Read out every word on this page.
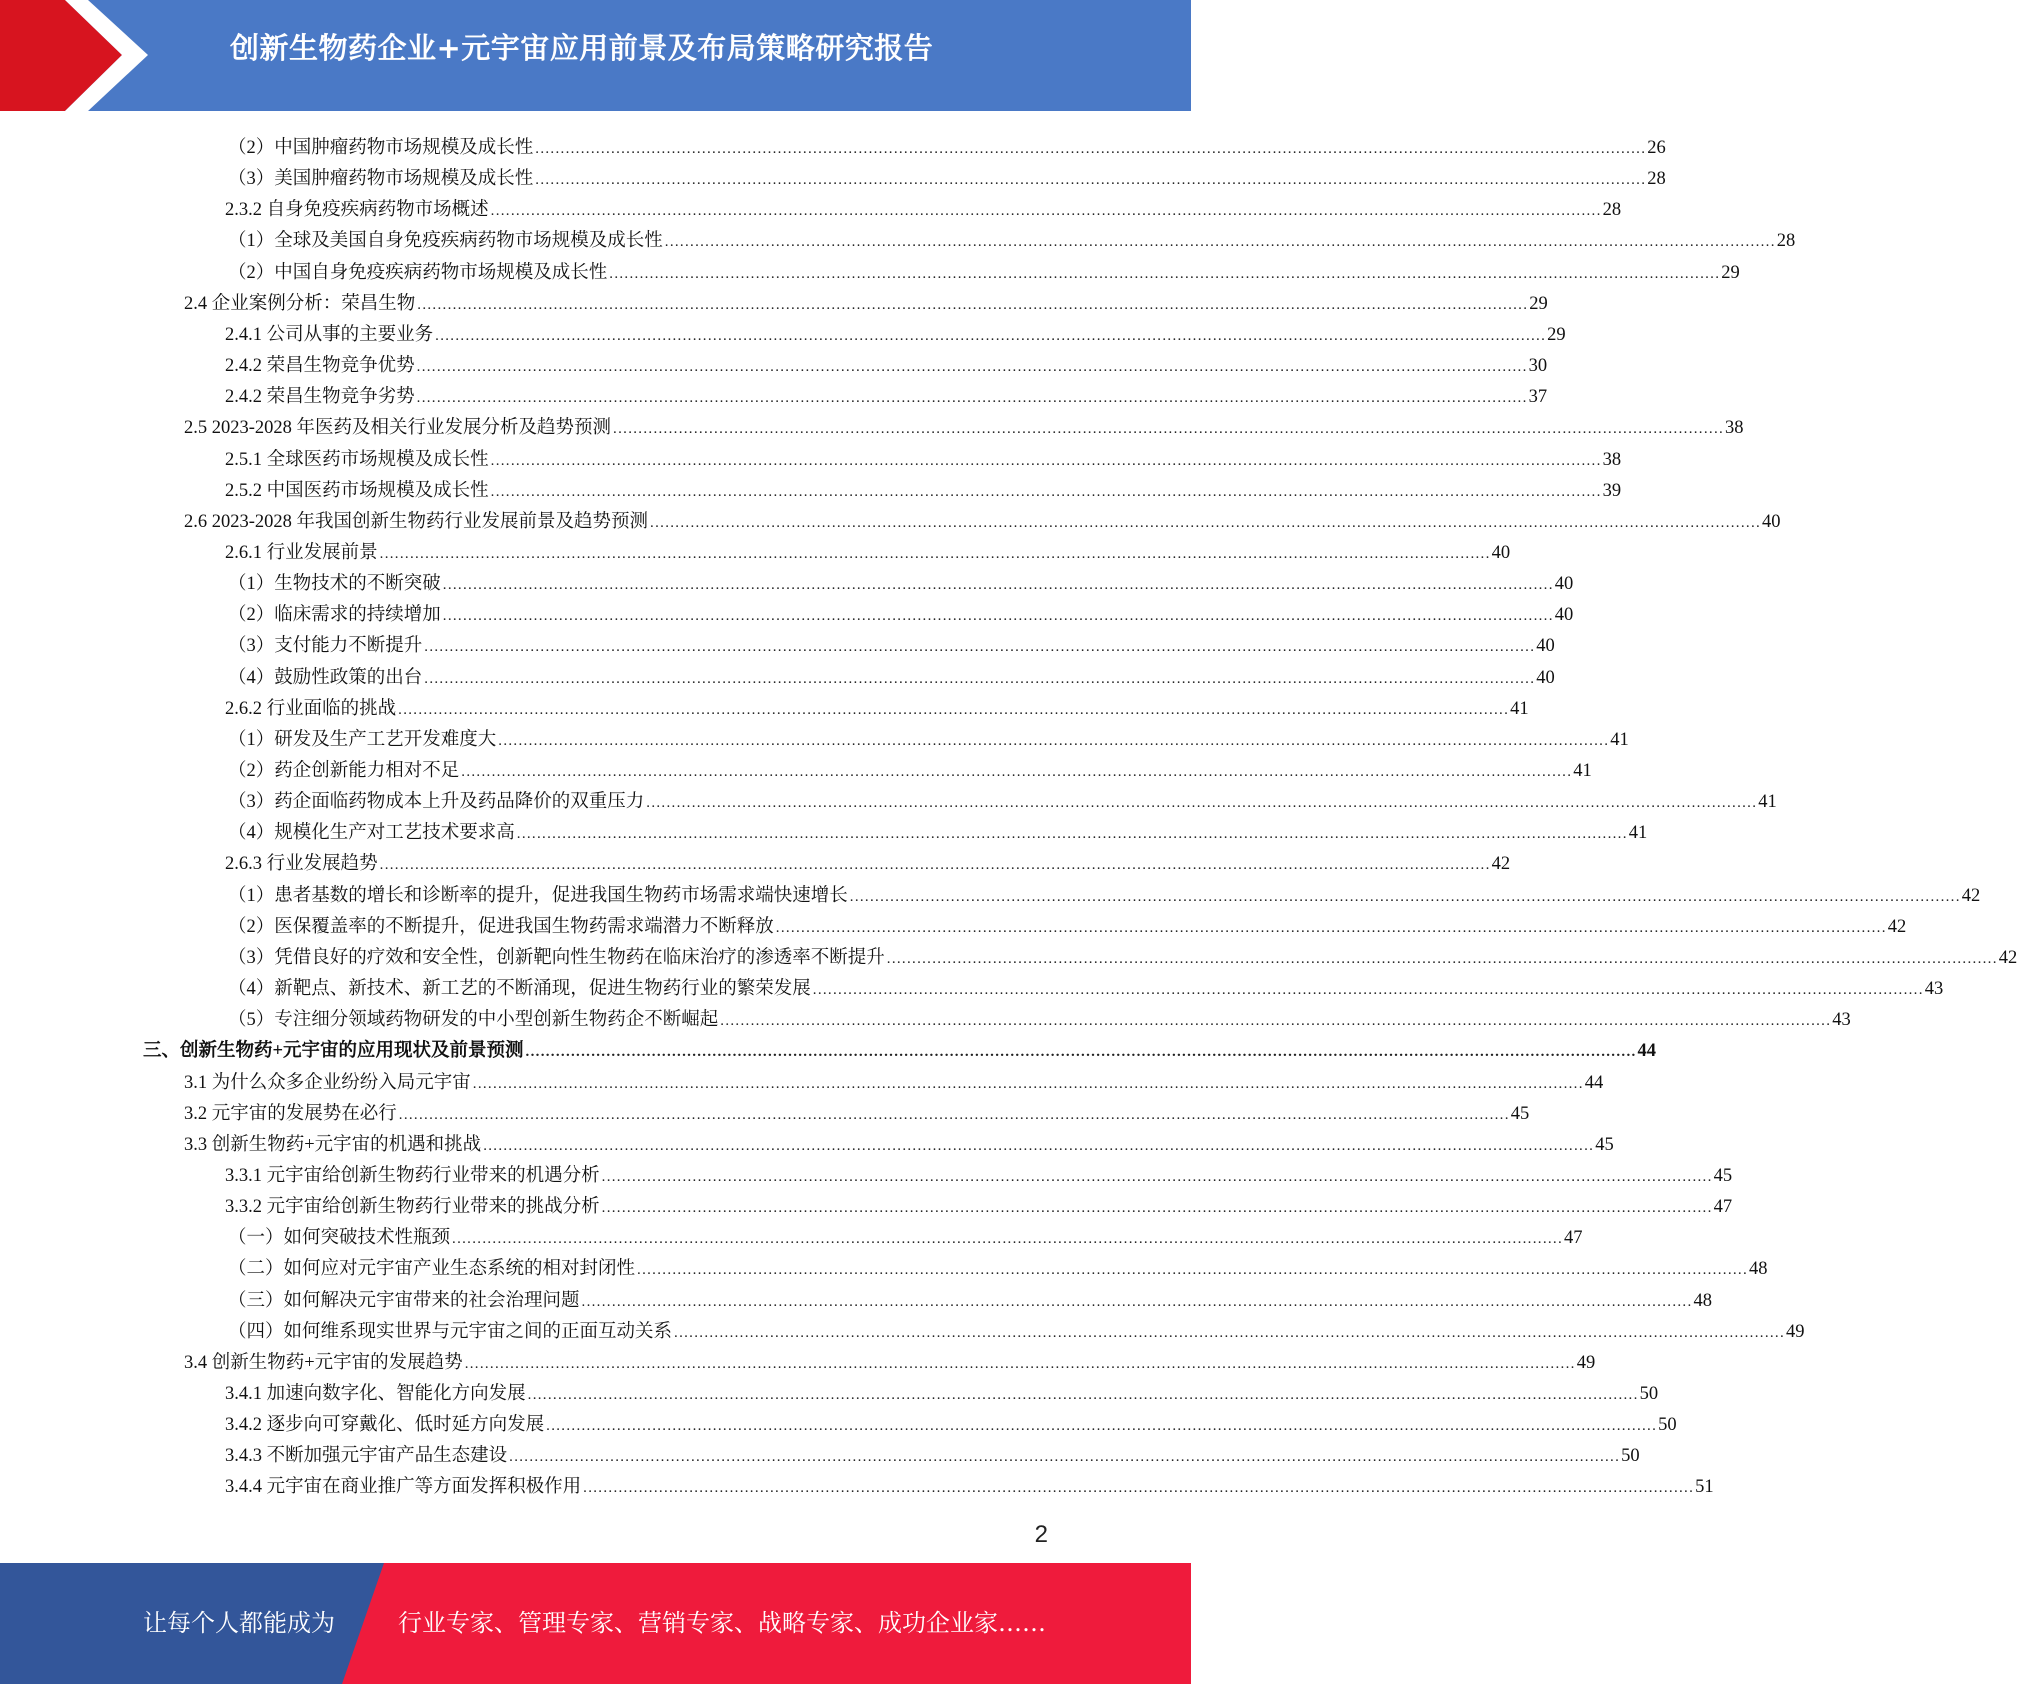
创新生物药企业+元宇宙应用前景及布局策略研究报告
（2）中国肿瘤药物市场规模及成长性 ............................................................................................................................................................................................................................ 26
（3）美国肿瘤药物市场规模及成长性 ............................................................................................................................................................................................................................ 28
2.3.2 自身免疫疾病药物市场概述 ............................................................................................................................................................................................................................ 28
（1）全球及美国自身免疫疾病药物市场规模及成长性 ............................................................................................................................................................................................................................ 28
（2）中国自身免疫疾病药物市场规模及成长性 ............................................................................................................................................................................................................................ 29
2.4 企业案例分析：荣昌生物 ............................................................................................................................................................................................................................ 29
2.4.1 公司从事的主要业务 ............................................................................................................................................................................................................................ 29
2.4.2 荣昌生物竞争优势 ............................................................................................................................................................................................................................ 30
2.4.2 荣昌生物竞争劣势 ............................................................................................................................................................................................................................ 37
2.5 2023-2028 年医药及相关行业发展分析及趋势预测 ............................................................................................................................................................................................................................ 38
2.5.1 全球医药市场规模及成长性 ............................................................................................................................................................................................................................ 38
2.5.2 中国医药市场规模及成长性 ............................................................................................................................................................................................................................ 39
2.6 2023-2028 年我国创新生物药行业发展前景及趋势预测 ............................................................................................................................................................................................................................ 40
2.6.1 行业发展前景 ............................................................................................................................................................................................................................ 40
（1）生物技术的不断突破 ............................................................................................................................................................................................................................ 40
（2）临床需求的持续增加 ............................................................................................................................................................................................................................ 40
（3）支付能力不断提升 ............................................................................................................................................................................................................................ 40
（4）鼓励性政策的出台 ............................................................................................................................................................................................................................ 40
2.6.2 行业面临的挑战 ............................................................................................................................................................................................................................ 41
（1）研发及生产工艺开发难度大 ............................................................................................................................................................................................................................ 41
（2）药企创新能力相对不足 ............................................................................................................................................................................................................................ 41
（3）药企面临药物成本上升及药品降价的双重压力 ............................................................................................................................................................................................................................ 41
（4）规模化生产对工艺技术要求高 ............................................................................................................................................................................................................................ 41
2.6.3 行业发展趋势 ............................................................................................................................................................................................................................ 42
（1）患者基数的增长和诊断率的提升，促进我国生物药市场需求端快速增长 ............................................................................................................................................................................................................................ 42
（2）医保覆盖率的不断提升，促进我国生物药需求端潜力不断释放 ............................................................................................................................................................................................................................ 42
（3）凭借良好的疗效和安全性，创新靶向性生物药在临床治疗的渗透率不断提升 ............................................................................................................................................................................................................................ 42
（4）新靶点、新技术、新工艺的不断涌现，促进生物药行业的繁荣发展 ............................................................................................................................................................................................................................ 43
（5）专注细分领域药物研发的中小型创新生物药企不断崛起 ............................................................................................................................................................................................................................ 43
三、创新生物药+元宇宙的应用现状及前景预测 ............................................................................................................................................................................................................................ 44
3.1 为什么众多企业纷纷入局元宇宙 ............................................................................................................................................................................................................................ 44
3.2 元宇宙的发展势在必行 ............................................................................................................................................................................................................................ 45
3.3 创新生物药+元宇宙的机遇和挑战 ............................................................................................................................................................................................................................ 45
3.3.1 元宇宙给创新生物药行业带来的机遇分析 ............................................................................................................................................................................................................................ 45
3.3.2 元宇宙给创新生物药行业带来的挑战分析 ............................................................................................................................................................................................................................ 47
（一）如何突破技术性瓶颈 ............................................................................................................................................................................................................................ 47
（二）如何应对元宇宙产业生态系统的相对封闭性 ............................................................................................................................................................................................................................ 48
（三）如何解决元宇宙带来的社会治理问题 ............................................................................................................................................................................................................................ 48
（四）如何维系现实世界与元宇宙之间的正面互动关系 ............................................................................................................................................................................................................................ 49
3.4 创新生物药+元宇宙的发展趋势 ............................................................................................................................................................................................................................ 49
3.4.1 加速向数字化、智能化方向发展 ............................................................................................................................................................................................................................ 50
3.4.2 逐步向可穿戴化、低时延方向发展 ............................................................................................................................................................................................................................ 50
3.4.3 不断加强元宇宙产品生态建设 ............................................................................................................................................................................................................................ 50
3.4.4 元宇宙在商业推广等方面发挥积极作用 ............................................................................................................................................................................................................................ 51
2
让每个人都能成为	行业专家、管理专家、营销专家、战略专家、成功企业家……
